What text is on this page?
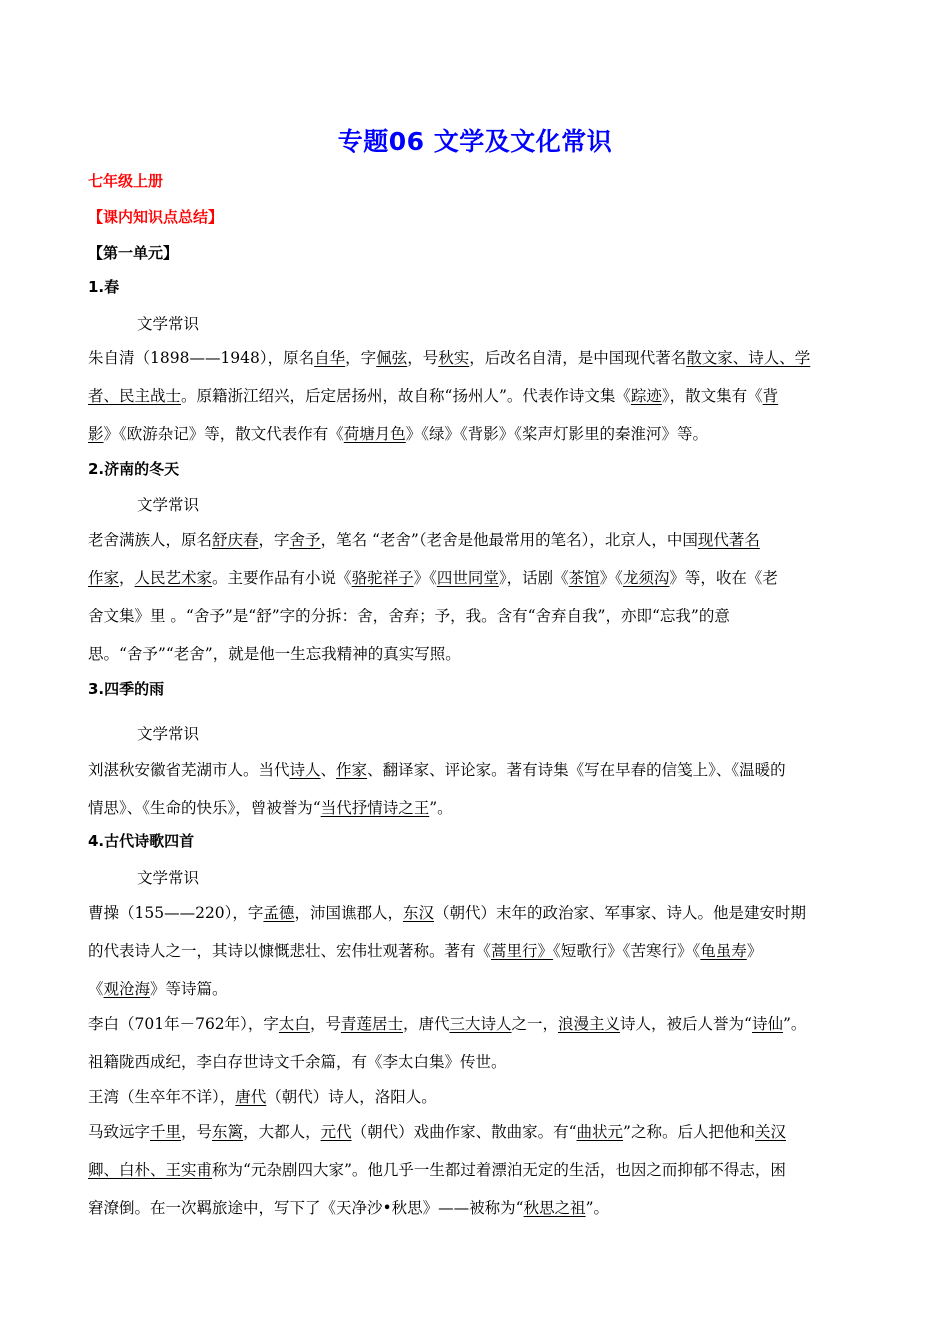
专题06 文学及文化常识
七年级上册
【课内知识点总结】
【第一单元】
1.春
文学常识
朱自清（1898——1948），原名自华，字佩弦，号秋实，后改名自清，是中国现代著名散文家、诗人、学
者、民主战士。原籍浙江绍兴，后定居扬州，故自称“扬州人”。代表作诗文集《踪迹》，散文集有《背
影》《欧游杂记》等，散文代表作有《荷塘月色》《绿》《背影》《桨声灯影里的秦淮河》等。
2.济南的冬天
文学常识
老舍满族人，原名舒庆春，字舍予，笔名 “老舍”（老舍是他最常用的笔名），北京人，中国现代著名
作家，人民艺术家。主要作品有小说《骆驼祥子》《四世同堂》，话剧《茶馆》《龙须沟》等，收在《老
舍文集》里 。“舍予”是“舒”字的分拆：舍，舍弃；予，我。含有“舍弃自我”，亦即“忘我”的意
思。“舍予”“老舍”，就是他一生忘我精神的真实写照。
3.四季的雨
文学常识
刘湛秋安徽省芜湖市人。当代诗人、作家、翻译家、评论家。著有诗集《写在早春的信笺上》、《温暖的
情思》、《生命的快乐》，曾被誉为“当代抒情诗之王”。
4.古代诗歌四首
文学常识
曹操（155——220），字孟德，沛国谯郡人，东汉（朝代）末年的政治家、军事家、诗人。他是建安时期
的代表诗人之一，其诗以慷慨悲壮、宏伟壮观著称。著有《蒿里行》《短歌行》《苦寒行》《龟虽寿》
《观沧海》等诗篇。
李白（701年－762年），字太白，号青莲居士，唐代三大诗人之一，浪漫主义诗人，被后人誉为“诗仙”。
祖籍陇西成纪，李白存世诗文千余篇，有《李太白集》传世。
王湾（生卒年不详），唐代（朝代）诗人，洛阳人。
马致远字千里，号东篱，大都人，元代（朝代）戏曲作家、散曲家。有“曲状元”之称。后人把他和关汉
卿、白朴、王实甫称为“元杂剧四大家”。他几乎一生都过着漂泊无定的生活，也因之而抑郁不得志，困
窘潦倒。在一次羁旅途中，写下了《天净沙•秋思》——被称为“秋思之祖”。
